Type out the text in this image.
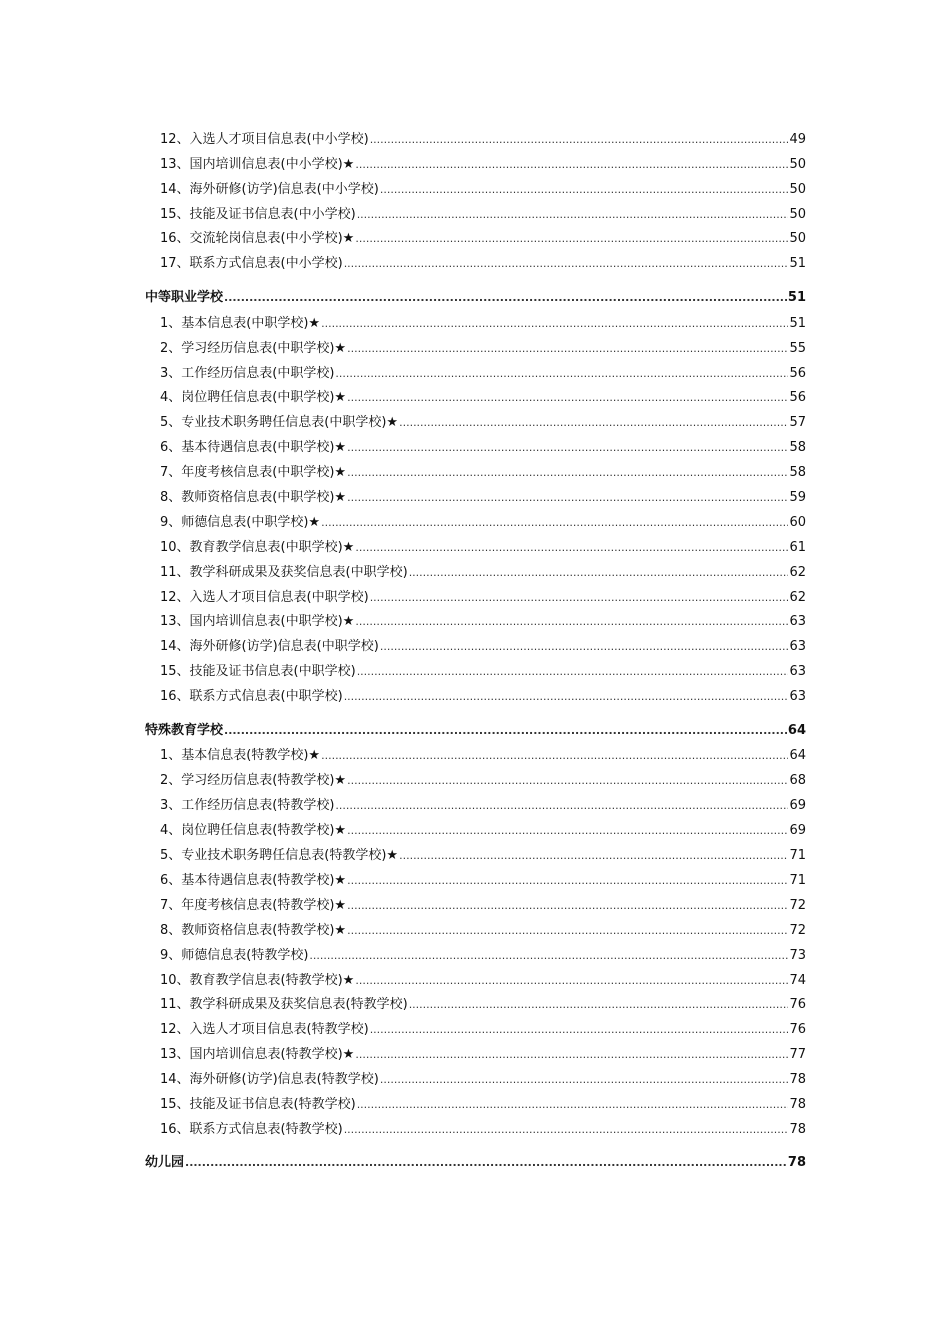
12、入选人才项目信息表(中小学校) .....	49
13、国内培训信息表(中小学校)★ .....	50
14、海外研修(访学)信息表(中小学校) .....	50
15、技能及证书信息表(中小学校) .....	50
16、交流轮岗信息表(中小学校)★ .....	50
17、联系方式信息表(中小学校) .....	51
中等职业学校 .....	51
1、基本信息表(中职学校)★ .....	51
2、学习经历信息表(中职学校)★ .....	55
3、工作经历信息表(中职学校) .....	56
4、岗位聘任信息表(中职学校)★ .....	56
5、专业技术职务聘任信息表(中职学校)★ .....	57
6、基本待遇信息表(中职学校)★ .....	58
7、年度考核信息表(中职学校)★ .....	58
8、教师资格信息表(中职学校)★ .....	59
9、师德信息表(中职学校)★ .....	60
10、教育教学信息表(中职学校)★ .....	61
11、教学科研成果及获奖信息表(中职学校) .....	62
12、入选人才项目信息表(中职学校) .....	62
13、国内培训信息表(中职学校)★ .....	63
14、海外研修(访学)信息表(中职学校) .....	63
15、技能及证书信息表(中职学校) .....	63
16、联系方式信息表(中职学校) .....	63
特殊教育学校 .....	64
1、基本信息表(特教学校)★ .....	64
2、学习经历信息表(特教学校)★ .....	68
3、工作经历信息表(特教学校) .....	69
4、岗位聘任信息表(特教学校)★ .....	69
5、专业技术职务聘任信息表(特教学校)★ .....	71
6、基本待遇信息表(特教学校)★ .....	71
7、年度考核信息表(特教学校)★ .....	72
8、教师资格信息表(特教学校)★ .....	72
9、师德信息表(特教学校) .....	73
10、教育教学信息表(特教学校)★ .....	74
11、教学科研成果及获奖信息表(特教学校) .....	76
12、入选人才项目信息表(特教学校) .....	76
13、国内培训信息表(特教学校)★ .....	77
14、海外研修(访学)信息表(特教学校) .....	78
15、技能及证书信息表(特教学校) .....	78
16、联系方式信息表(特教学校) .....	78
幼儿园 .....	78
